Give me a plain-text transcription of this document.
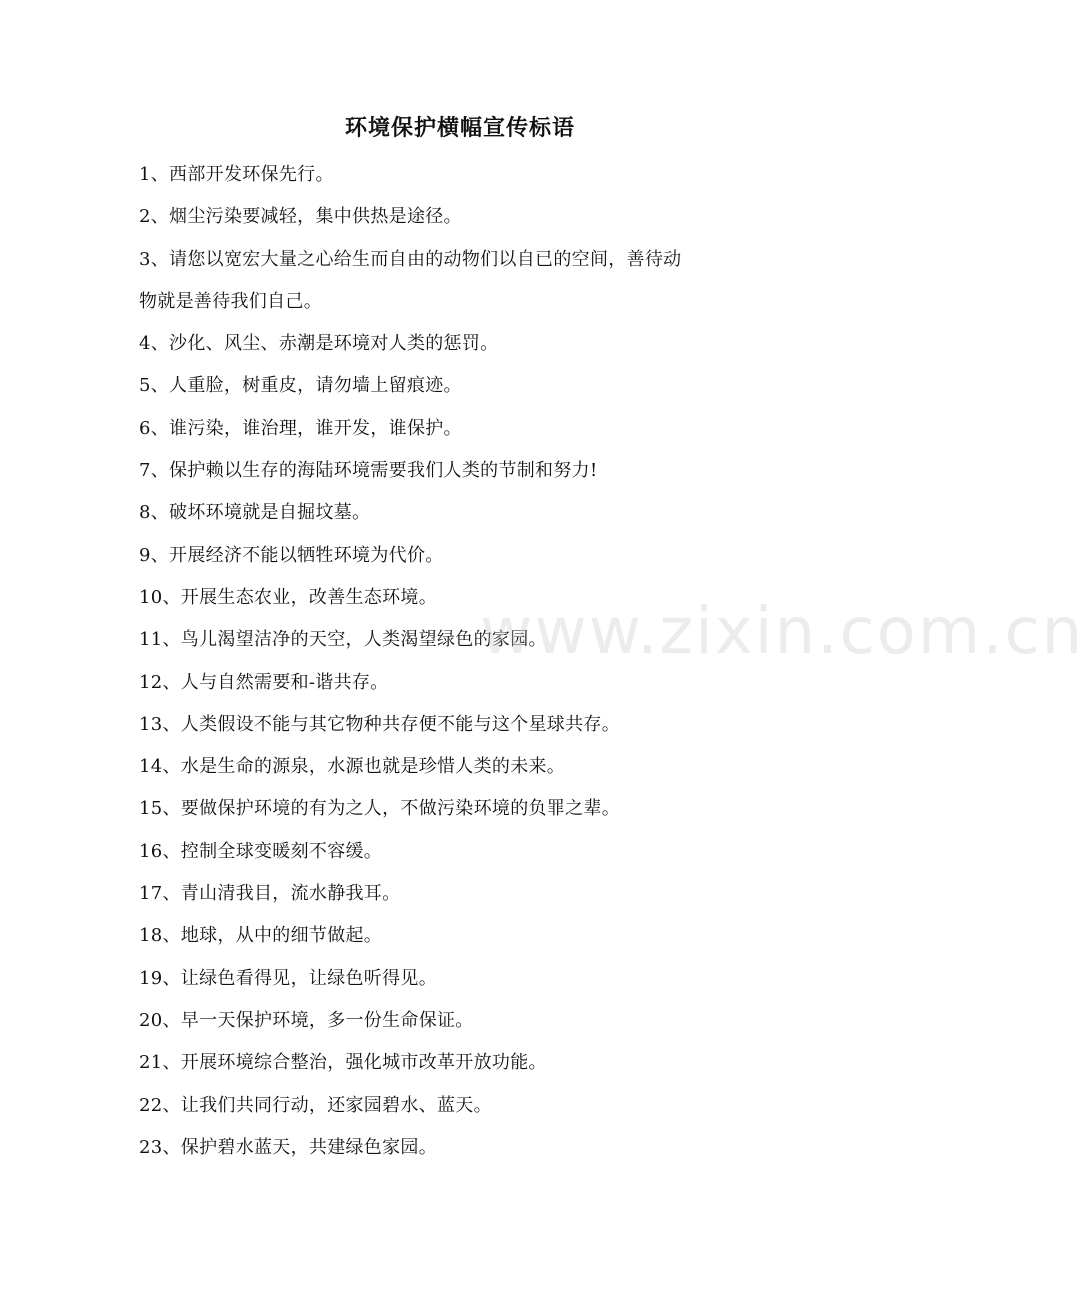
环境保护横幅宣传标语
1、西部开发环保先行。
2、烟尘污染要减轻，集中供热是途径。
3、请您以宽宏大量之心给生而自由的动物们以自已的空间，善待动
物就是善待我们自己。
4、沙化、风尘、赤潮是环境对人类的惩罚。
5、人重脸，树重皮，请勿墙上留痕迹。
6、谁污染，谁治理，谁开发，谁保护。
7、保护赖以生存的海陆环境需要我们人类的节制和努力!
8、破坏环境就是自掘坟墓。
9、开展经济不能以牺牲环境为代价。
10、开展生态农业，改善生态环境。
11、鸟儿渴望洁净的天空，人类渴望绿色的家园。
12、人与自然需要和-谐共存。
13、人类假设不能与其它物种共存便不能与这个星球共存。
14、水是生命的源泉，水源也就是珍惜人类的未来。
15、要做保护环境的有为之人，不做污染环境的负罪之辈。
16、控制全球变暖刻不容缓。
17、青山清我目，流水静我耳。
18、地球，从中的细节做起。
19、让绿色看得见，让绿色听得见。
20、早一天保护环境，多一份生命保证。
21、开展环境综合整治，强化城市改革开放功能。
22、让我们共同行动，还家园碧水、蓝天。
23、保护碧水蓝天，共建绿色家园。
www.zixin.com.cn
